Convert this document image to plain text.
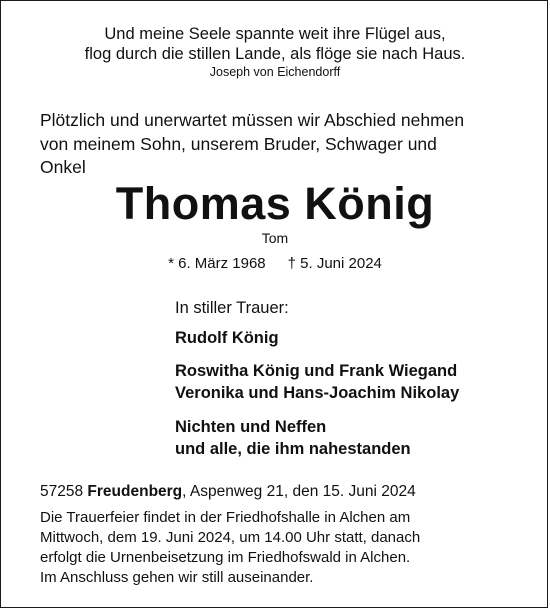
Und meine Seele spannte weit ihre Flügel aus,
flog durch die stillen Lande, als flöge sie nach Haus.
Joseph von Eichendorff
Plötzlich und unerwartet müssen wir Abschied nehmen
von meinem Sohn, unserem Bruder, Schwager und
Onkel
Thomas König
Tom
* 6. März 1968 † 5. Juni 2024
In stiller Trauer:
Rudolf König
Roswitha König und Frank Wiegand
Veronika und Hans-Joachim Nikolay
Nichten und Neffen
und alle, die ihm nahestanden
57258 Freudenberg, Aspenweg 21, den 15. Juni 2024
Die Trauerfeier findet in der Friedhofshalle in Alchen am
Mittwoch, dem 19. Juni 2024, um 14.00 Uhr statt, danach
erfolgt die Urnenbeisetzung im Friedhofswald in Alchen.
Im Anschluss gehen wir still auseinander.
